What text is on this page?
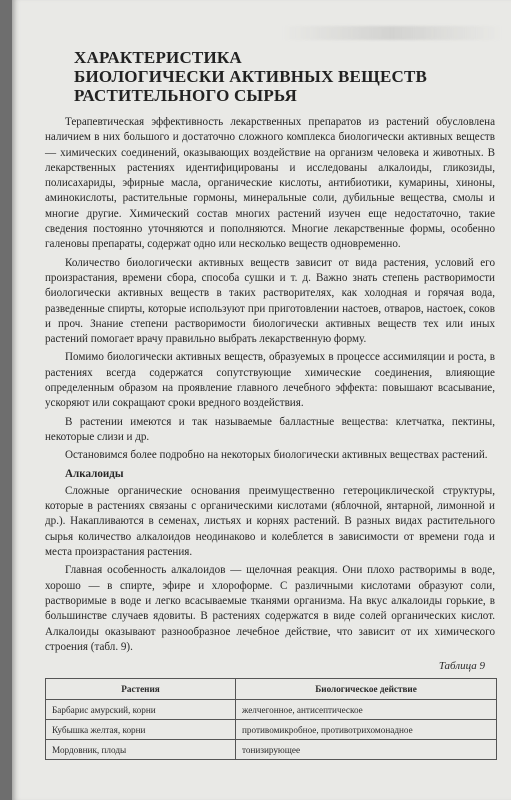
ХАРАКТЕРИСТИКА
БИОЛОГИЧЕСКИ АКТИВНЫХ ВЕЩЕСТВ
РАСТИТЕЛЬНОГО СЫРЬЯ

Терапевтическая эффективность лекарственных препаратов из растений обусловлена наличием в них большого и достаточно сложного комплекса биологически активных веществ — химических соединений, оказывающих воздействие на организм человека и животных. В лекарственных растениях идентифицированы и исследованы алкалоиды, гликозиды, полисахариды, эфирные масла, органические кислоты, антибиотики, кумарины, хиноны, аминокислоты, растительные гормоны, минеральные соли, дубильные вещества, смолы и многие другие. Химический состав многих растений изучен еще недостаточно, такие сведения постоянно уточняются и пополняются. Многие лекарственные формы, особенно галеновы препараты, содержат одно или несколько веществ одновременно.

Количество биологически активных веществ зависит от вида растения, условий его произрастания, времени сбора, способа сушки и т. д. Важно знать степень растворимости биологически активных веществ в таких растворителях, как холодная и горячая вода, разведенные спирты, которые используют при приготовлении настоев, отваров, настоек, соков и проч. Знание степени растворимости биологически активных веществ тех или иных растений помогает врачу правильно выбрать лекарственную форму.

Помимо биологически активных веществ, образуемых в процессе ассимиляции и роста, в растениях всегда содержатся сопутствующие химические соединения, влияющие определенным образом на проявление главного лечебного эффекта: повышают всасывание, ускоряют или сокращают сроки вредного воздействия.

В растении имеются и так называемые балластные вещества: клетчатка, пектины, некоторые слизи и др.

Остановимся более подробно на некоторых биологически активных веществах растений.

Алкалоиды

Сложные органические основания преимущественно гетероциклической структуры, которые в растениях связаны с органическими кислотами (яблочной, янтарной, лимонной и др.). Накапливаются в семенах, листьях и корнях растений. В разных видах растительного сырья количество алкалоидов неодинаково и колеблется в зависимости от времени года и места произрастания растения.

Главная особенность алкалоидов — щелочная реакция. Они плохо растворимы в воде, хорошо — в спирте, эфире и хлороформе. С различными кислотами образуют соли, растворимые в воде и легко всасываемые тканями организма. На вкус алкалоиды горькие, в большинстве случаев ядовиты. В растениях содержатся в виде солей органических кислот. Алкалоиды оказывают разнообразное лечебное действие, что зависит от их химического строения (табл. 9).

Таблица 9
Растения	Биологическое действие
Барбарис амурский, корни	желчегонное, антисептическое
Кубышка желтая, корни	противомикробное, противотрихомонадное
Мордовник, плоды	тонизирующее
